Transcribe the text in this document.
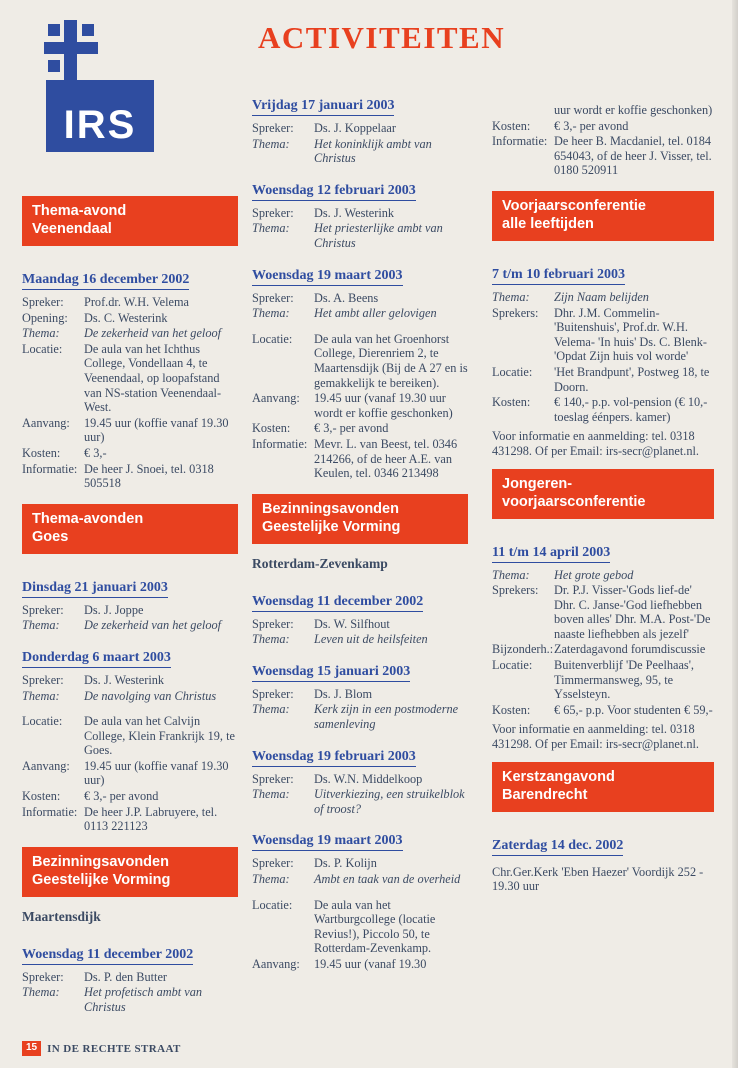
IRS
ACTIVITEITEN
Thema-avond
Veenendaal
Maandag 16 december 2002
Spreker:	Prof.dr. W.H. Velema
Opening:	Ds. C. Westerink
Thema:	De zekerheid van het geloof
Locatie:	De aula van het Ichthus College, Vondellaan 4, te Veenendaal, op loopafstand van NS-station Veenendaal-West.
Aanvang:	19.45 uur (koffie vanaf 19.30 uur)
Kosten:	€ 3,-
Informatie:	De heer J. Snoei, tel. 0318 505518
Thema-avonden
Goes
Dinsdag 21 januari 2003
Spreker:	Ds. J. Joppe
Thema:	De zekerheid van het geloof
Donderdag 6 maart 2003
Spreker:	Ds. J. Westerink
Thema:	De navolging van Christus
Locatie:	De aula van het Calvijn College, Klein Frankrijk 19, te Goes.
Aanvang:	19.45 uur (koffie vanaf 19.30 uur)
Kosten:	€ 3,- per avond
Informatie:	De heer J.P. Labruyere, tel. 0113 221123
Bezinningsavonden
Geestelijke Vorming
Maartensdijk
Woensdag 11 december 2002
Spreker:	Ds. P. den Butter
Thema:	Het profetisch ambt van Christus
Vrijdag 17 januari 2003
Spreker:	Ds. J. Koppelaar
Thema:	Het koninklijk ambt van Christus
Woensdag 12 februari 2003
Spreker:	Ds. J. Westerink
Thema:	Het priesterlijke ambt van Christus
Woensdag 19 maart 2003
Spreker:	Ds. A. Beens
Thema:	Het ambt aller gelovigen
Locatie:	De aula van het Groenhorst College, Dierenriem 2, te Maartensdijk (Bij de A 27 en is gemakkelijk te bereiken).
Aanvang:	19.45 uur (vanaf 19.30 uur wordt er koffie geschonken)
Kosten:	€ 3,- per avond
Informatie:	Mevr. L. van Beest, tel. 0346 214266, of de heer A.E. van Keulen, tel. 0346 213498
Bezinningsavonden
Geestelijke Vorming
Rotterdam-Zevenkamp
Woensdag 11 december 2002
Spreker:	Ds. W. Silfhout
Thema:	Leven uit de heilsfeiten
Woensdag 15 januari 2003
Spreker:	Ds. J. Blom
Thema:	Kerk zijn in een postmoderne samenleving
Woensdag 19 februari 2003
Spreker:	Ds. W.N. Middelkoop
Thema:	Uitverkiezing, een struikelblok of troost?
Woensdag 19 maart 2003
Spreker:	Ds. P. Kolijn
Thema:	Ambt en taak van de overheid
Locatie:	De aula van het Wartburgcollege (locatie Revius!), Piccolo 50, te Rotterdam-Zevenkamp.
Aanvang:	19.45 uur (vanaf 19.30
	uur wordt er koffie geschonken)
Kosten:	€ 3,- per avond
Informatie:	De heer B. Macdaniel, tel. 0184 654043, of de heer J. Visser, tel. 0180 520911
Voorjaarsconferentie
alle leeftijden
7 t/m 10 februari 2003
Thema:	Zijn Naam belijden
Sprekers:	Dhr. J.M. Commelin- 'Buitenshuis', Prof.dr. W.H. Velema- 'In huis' Ds. C. Blenk- 'Opdat Zijn huis vol worde'
Locatie:	'Het Brandpunt', Postweg 18, te Doorn.
Kosten:	€ 140,- p.p. vol-pension (€ 10,- toeslag éénpers. kamer)
Voor informatie en aanmelding: tel. 0318 431298. Of per Email: irs-secr@planet.nl.
Jongeren-
voorjaarsconferentie
11 t/m 14 april 2003
Thema:	Het grote gebod
Sprekers:	Dr. P.J. Visser-'Gods lief-de' Dhr. C. Janse-'God liefhebben boven alles' Dhr. M.A. Post-'De naaste liefhebben als jezelf'
Bijzonderh.:	Zaterdagavond forumdiscussie
Locatie:	Buitenverblijf 'De Peelhaas', Timmermansweg, 95, te Ysselsteyn.
Kosten:	€ 65,- p.p. Voor studenten € 59,-
Voor informatie en aanmelding: tel. 0318 431298. Of per Email: irs-secr@planet.nl.
Kerstzangavond
Barendrecht
Zaterdag 14 dec. 2002
Chr.Ger.Kerk 'Eben Haezer' Voordijk 252 - 19.30 uur
15 IN DE RECHTE STRAAT
